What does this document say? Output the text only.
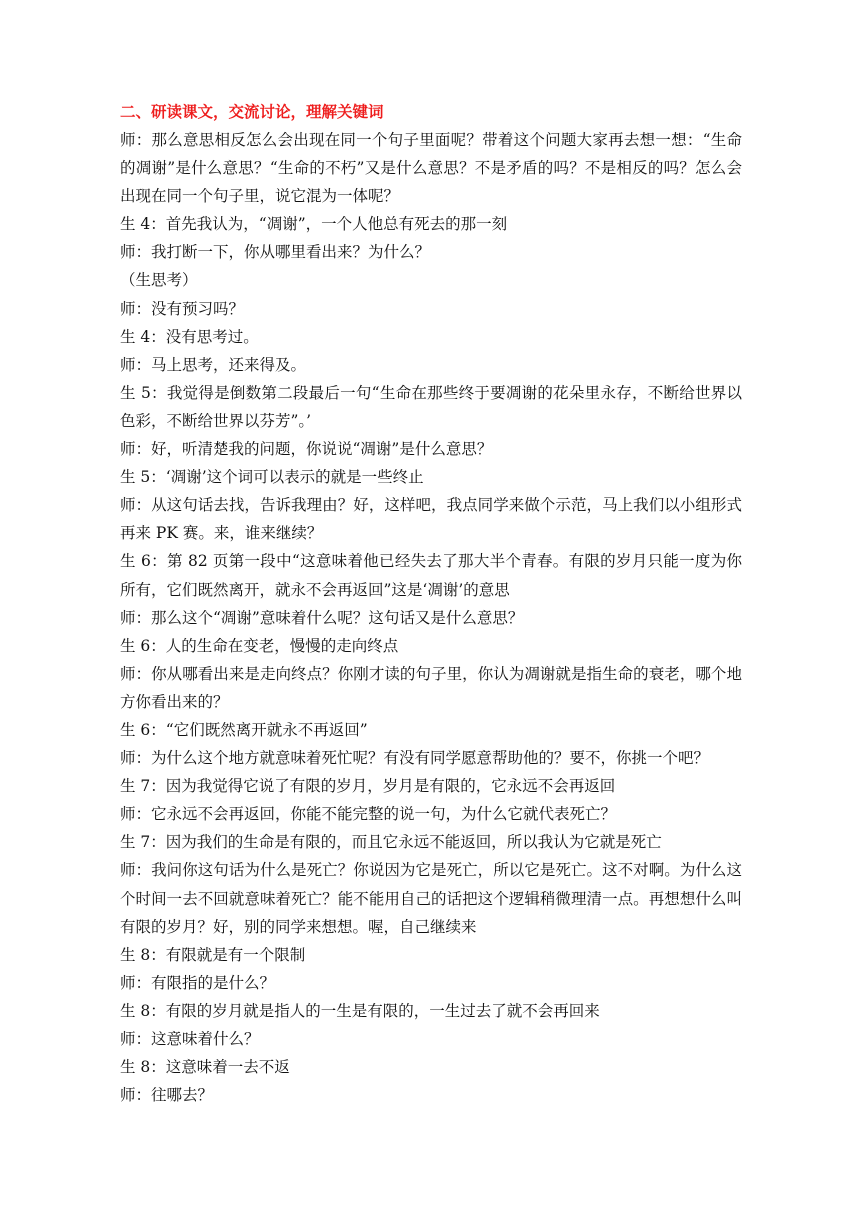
二、研读课文，交流讨论，理解关键词
师：那么意思相反怎么会出现在同一个句子里面呢？带着这个问题大家再去想一想：“生命的凋谢”是什么意思？“生命的不朽”又是什么意思？不是矛盾的吗？不是相反的吗？怎么会出现在同一个句子里，说它混为一体呢？
生 4：首先我认为，“凋谢”，一个人他总有死去的那一刻
师：我打断一下，你从哪里看出来？为什么？
（生思考）
师：没有预习吗？
生 4：没有思考过。
师：马上思考，还来得及。
生 5：我觉得是倒数第二段最后一句“生命在那些终于要凋谢的花朵里永存，不断给世界以色彩，不断给世界以芬芳”。’
师：好，听清楚我的问题，你说说“凋谢”是什么意思？
生 5：‘凋谢’这个词可以表示的就是一些终止
师：从这句话去找，告诉我理由？好，这样吧，我点同学来做个示范，马上我们以小组形式再来 PK 赛。来，谁来继续？
生 6：第 82 页第一段中“这意味着他已经失去了那大半个青春。有限的岁月只能一度为你所有，它们既然离开，就永不会再返回”这是‘凋谢’的意思
师：那么这个“凋谢”意味着什么呢？这句话又是什么意思？
生 6：人的生命在变老，慢慢的走向终点
师：你从哪看出来是走向终点？你刚才读的句子里，你认为凋谢就是指生命的衰老，哪个地方你看出来的？
生 6：“它们既然离开就永不再返回”
师：为什么这个地方就意味着死忙呢？有没有同学愿意帮助他的？要不，你挑一个吧？
生 7：因为我觉得它说了有限的岁月，岁月是有限的，它永远不会再返回
师：它永远不会再返回，你能不能完整的说一句，为什么它就代表死亡？
生 7：因为我们的生命是有限的，而且它永远不能返回，所以我认为它就是死亡
师：我问你这句话为什么是死亡？你说因为它是死亡，所以它是死亡。这不对啊。为什么这个时间一去不回就意味着死亡？能不能用自己的话把这个逻辑稍微理清一点。再想想什么叫有限的岁月？好，别的同学来想想。喔，自己继续来
生 8：有限就是有一个限制
师：有限指的是什么？
生 8：有限的岁月就是指人的一生是有限的，一生过去了就不会再回来
师：这意味着什么？
生 8：这意味着一去不返
师：往哪去？
